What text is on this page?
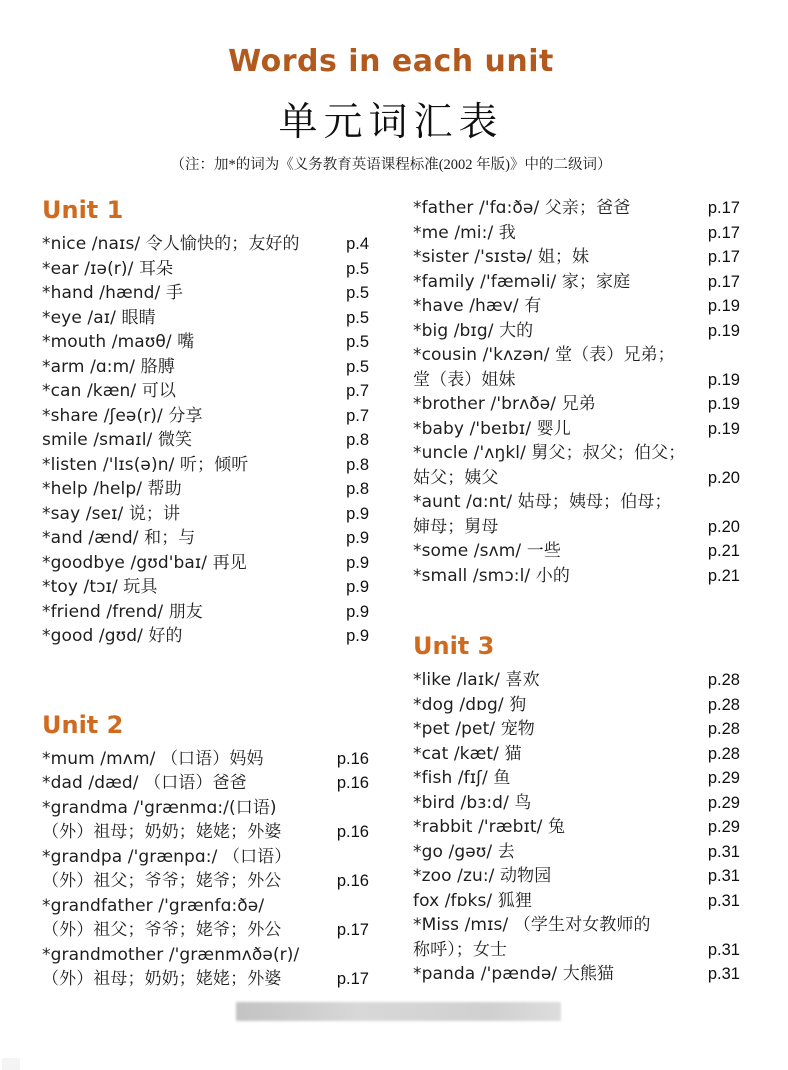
Words in each unit
单元词汇表
（注：加*的词为《义务教育英语课程标准(2002 年版)》中的二级词）
Unit 1
*nice /naɪs/ 令人愉快的；友好的	p.4
*ear /ɪə(r)/ 耳朵	p.5
*hand /hænd/ 手	p.5
*eye /aɪ/ 眼睛	p.5
*mouth /maʊθ/ 嘴	p.5
*arm /ɑ:m/ 胳膊	p.5
*can /kæn/ 可以	p.7
*share /ʃeə(r)/ 分享	p.7
smile /smaɪl/ 微笑	p.8
*listen /'lɪs(ə)n/ 听；倾听	p.8
*help /help/ 帮助	p.8
*say /seɪ/ 说；讲	p.9
*and /ænd/ 和；与	p.9
*goodbye /gʊd'baɪ/ 再见	p.9
*toy /tɔɪ/ 玩具	p.9
*friend /frend/ 朋友	p.9
*good /gʊd/ 好的	p.9
Unit 2
*mum /mʌm/ （口语）妈妈	p.16
*dad /dæd/ （口语）爸爸	p.16
*grandma /'grænmɑ:/(口语)
（外）祖母；奶奶；姥姥；外婆	p.16
*grandpa /'grænpɑ:/ （口语）
（外）祖父；爷爷；姥爷；外公	p.16
*grandfather /'grænfɑ:ðə/
（外）祖父；爷爷；姥爷；外公	p.17
*grandmother /'grænmʌðə(r)/
（外）祖母；奶奶；姥姥；外婆	p.17
*father /'fɑ:ðə/ 父亲；爸爸	p.17
*me /mi:/ 我	p.17
*sister /'sɪstə/ 姐；妹	p.17
*family /'fæməli/ 家；家庭	p.17
*have /hæv/ 有	p.19
*big /bɪg/ 大的	p.19
*cousin /'kʌzən/ 堂（表）兄弟；
堂（表）姐妹	p.19
*brother /'brʌðə/ 兄弟	p.19
*baby /'beɪbɪ/ 婴儿	p.19
*uncle /'ʌŋkl/ 舅父；叔父；伯父；
姑父；姨父	p.20
*aunt /ɑ:nt/ 姑母；姨母；伯母；
婶母；舅母	p.20
*some /sʌm/ 一些	p.21
*small /smɔ:l/ 小的	p.21
Unit 3
*like /laɪk/ 喜欢	p.28
*dog /dɒg/ 狗	p.28
*pet /pet/ 宠物	p.28
*cat /kæt/ 猫	p.28
*fish /fɪʃ/ 鱼	p.29
*bird /bɜ:d/ 鸟	p.29
*rabbit /'ræbɪt/ 兔	p.29
*go /gəʊ/ 去	p.31
*zoo /zu:/ 动物园	p.31
fox /fɒks/ 狐狸	p.31
*Miss /mɪs/ （学生对女教师的
称呼）；女士	p.31
*panda /'pændə/ 大熊猫	p.31
